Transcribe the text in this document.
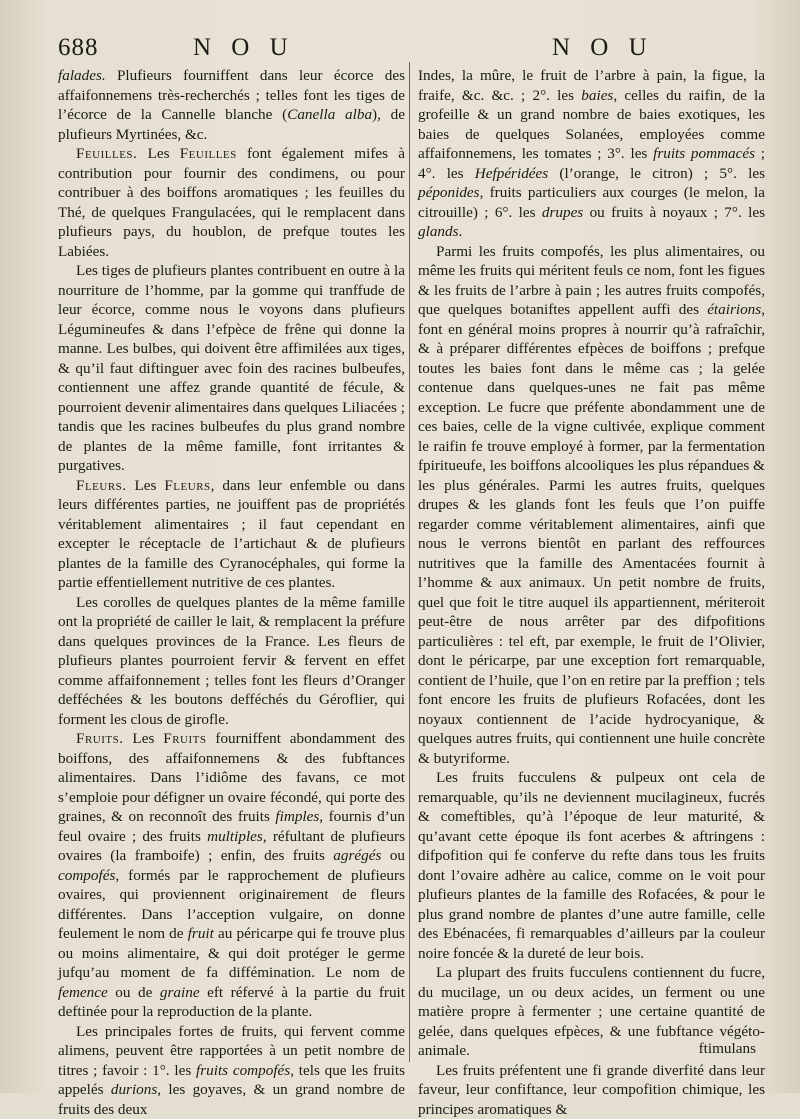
688	N O U	N O U

falades. Plufieurs fourniffent dans leur écorce des affaifonnemens très-recherchés ; telles font les tiges de l’écorce de la Cannelle blanche (Canella alba), de plufieurs Myrtinées, &c.

Feuilles. Les Feuilles font également mifes à contribution pour fournir des condimens, ou pour contribuer à des boiffons aromatiques ; les feuilles du Thé, de quelques Frangulacées, qui le remplacent dans plufieurs pays, du houblon, de prefque toutes les Labiées.

Les tiges de plufieurs plantes contribuent en outre à la nourriture de l’homme, par la gomme qui tranffude de leur écorce, comme nous le voyons dans plufieurs Légumineufes & dans l’efpèce de frêne qui donne la manne. Les bulbes, qui doivent être affimilées aux tiges, & qu’il faut diftinguer avec foin des racines bulbeufes, contiennent une affez grande quantité de fécule, & pourroient devenir alimentaires dans quelques Liliacées ; tandis que les racines bulbeufes du plus grand nombre de plantes de la même famille, font irritantes & purgatives.

Fleurs. Les Fleurs, dans leur enfemble ou dans leurs différentes parties, ne jouiffent pas de propriétés véritablement alimentaires ; il faut cependant en excepter le réceptacle de l’artichaut & de plufieurs plantes de la famille des Cyranocéphales, qui forme la partie effentiellement nutritive de ces plantes.

Les corolles de quelques plantes de la même famille ont la propriété de cailler le lait, & remplacent la préfure dans quelques provinces de la France. Les fleurs de plufieurs plantes pourroient fervir & fervent en effet comme affaifonnement ; telles font les fleurs d’Oranger defféchées & les boutons defféchés du Géroflier, qui forment les clous de girofle.

Fruits. Les Fruits fourniffent abondamment des boiffons, des affaifonnemens & des fubftances alimentaires. Dans l’idiôme des favans, ce mot s’emploie pour défigner un ovaire fécondé, qui porte des graines, & on reconnoît des fruits fimples, fournis d’un feul ovaire ; des fruits multiples, réfultant de plufieurs ovaires (la framboife) ; enfin, des fruits agrégés ou compofés, formés par le rapprochement de plufieurs ovaires, qui proviennent originairement de fleurs différentes. Dans l’acception vulgaire, on donne feulement le nom de fruit au péricarpe qui fe trouve plus ou moins alimentaire, & qui doit protéger le germe jufqu’au moment de fa diffémination. Le nom de femence ou de graine eft réfervé à la partie du fruit deftinée pour la reproduction de la plante.

Les principales fortes de fruits, qui fervent comme alimens, peuvent être rapportées à un petit nombre de titres ; favoir : 1°. les fruits compofés, tels que les fruits appelés durions, les goyaves, & un grand nombre de fruits des deux

Indes, la mûre, le fruit de l’arbre à pain, la figue, la fraife, &c. &c. ; 2°. les baies, celles du raifin, de la grofeille & un grand nombre de baies exotiques, les baies de quelques Solanées, employées comme affaifonnemens, les tomates ; 3°. les fruits pommacés ; 4°. les Hefpéridées (l’orange, le citron) ; 5°. les péponides, fruits particuliers aux courges (le melon, la citrouille) ; 6°. les drupes ou fruits à noyaux ; 7°. les glands.

Parmi les fruits compofés, les plus alimentaires, ou même les fruits qui méritent feuls ce nom, font les figues & les fruits de l’arbre à pain ; les autres fruits compofés, que quelques botaniftes appellent auffi des étairions, font en général moins propres à nourrir qu’à rafraîchir, & à préparer différentes efpèces de boiffons ; prefque toutes les baies font dans le même cas ; la gelée contenue dans quelques-unes ne fait pas même exception. Le fucre que préfente abondamment une de ces baies, celle de la vigne cultivée, explique comment le raifin fe trouve employé à former, par la fermentation fpiritueufe, les boiffons alcooliques les plus répandues & les plus générales. Parmi les autres fruits, quelques drupes & les glands font les feuls que l’on puiffe regarder comme véritablement alimentaires, ainfi que nous le verrons bientôt en parlant des reffources nutritives que la famille des Amentacées fournit à l’homme & aux animaux. Un petit nombre de fruits, quel que foit le titre auquel ils appartiennent, mériteroit peut-être de nous arrêter par des difpofitions particulières : tel eft, par exemple, le fruit de l’Olivier, dont le péricarpe, par une exception fort remarquable, contient de l’huile, que l’on en retire par la preffion ; tels font encore les fruits de plufieurs Rofacées, dont les noyaux contiennent de l’acide hydrocyanique, & quelques autres fruits, qui contiennent une huile concrète & butyriforme.

Les fruits fucculens & pulpeux ont cela de remarquable, qu’ils ne deviennent mucilagineux, fucrés & comeftibles, qu’à l’époque de leur maturité, & qu’avant cette époque ils font acerbes & aftringens : difpofition qui fe conferve du refte dans tous les fruits dont l’ovaire adhère au calice, comme on le voit pour plufieurs plantes de la famille des Rofacées, & pour le plus grand nombre de plantes d’une autre famille, celle des Ebénacées, fi remarquables d’ailleurs par la couleur noire foncée & la dureté de leur bois.

La plupart des fruits fucculens contiennent du fucre, du mucilage, un ou deux acides, un ferment ou une matière propre à fermenter ; une certaine quantité de gelée, dans quelques efpèces, & une fubftance végéto-animale.

Les fruits préfentent une fi grande diverfité dans leur faveur, leur confiftance, leur compofition chimique, les principes aromatiques &

ftimulans
